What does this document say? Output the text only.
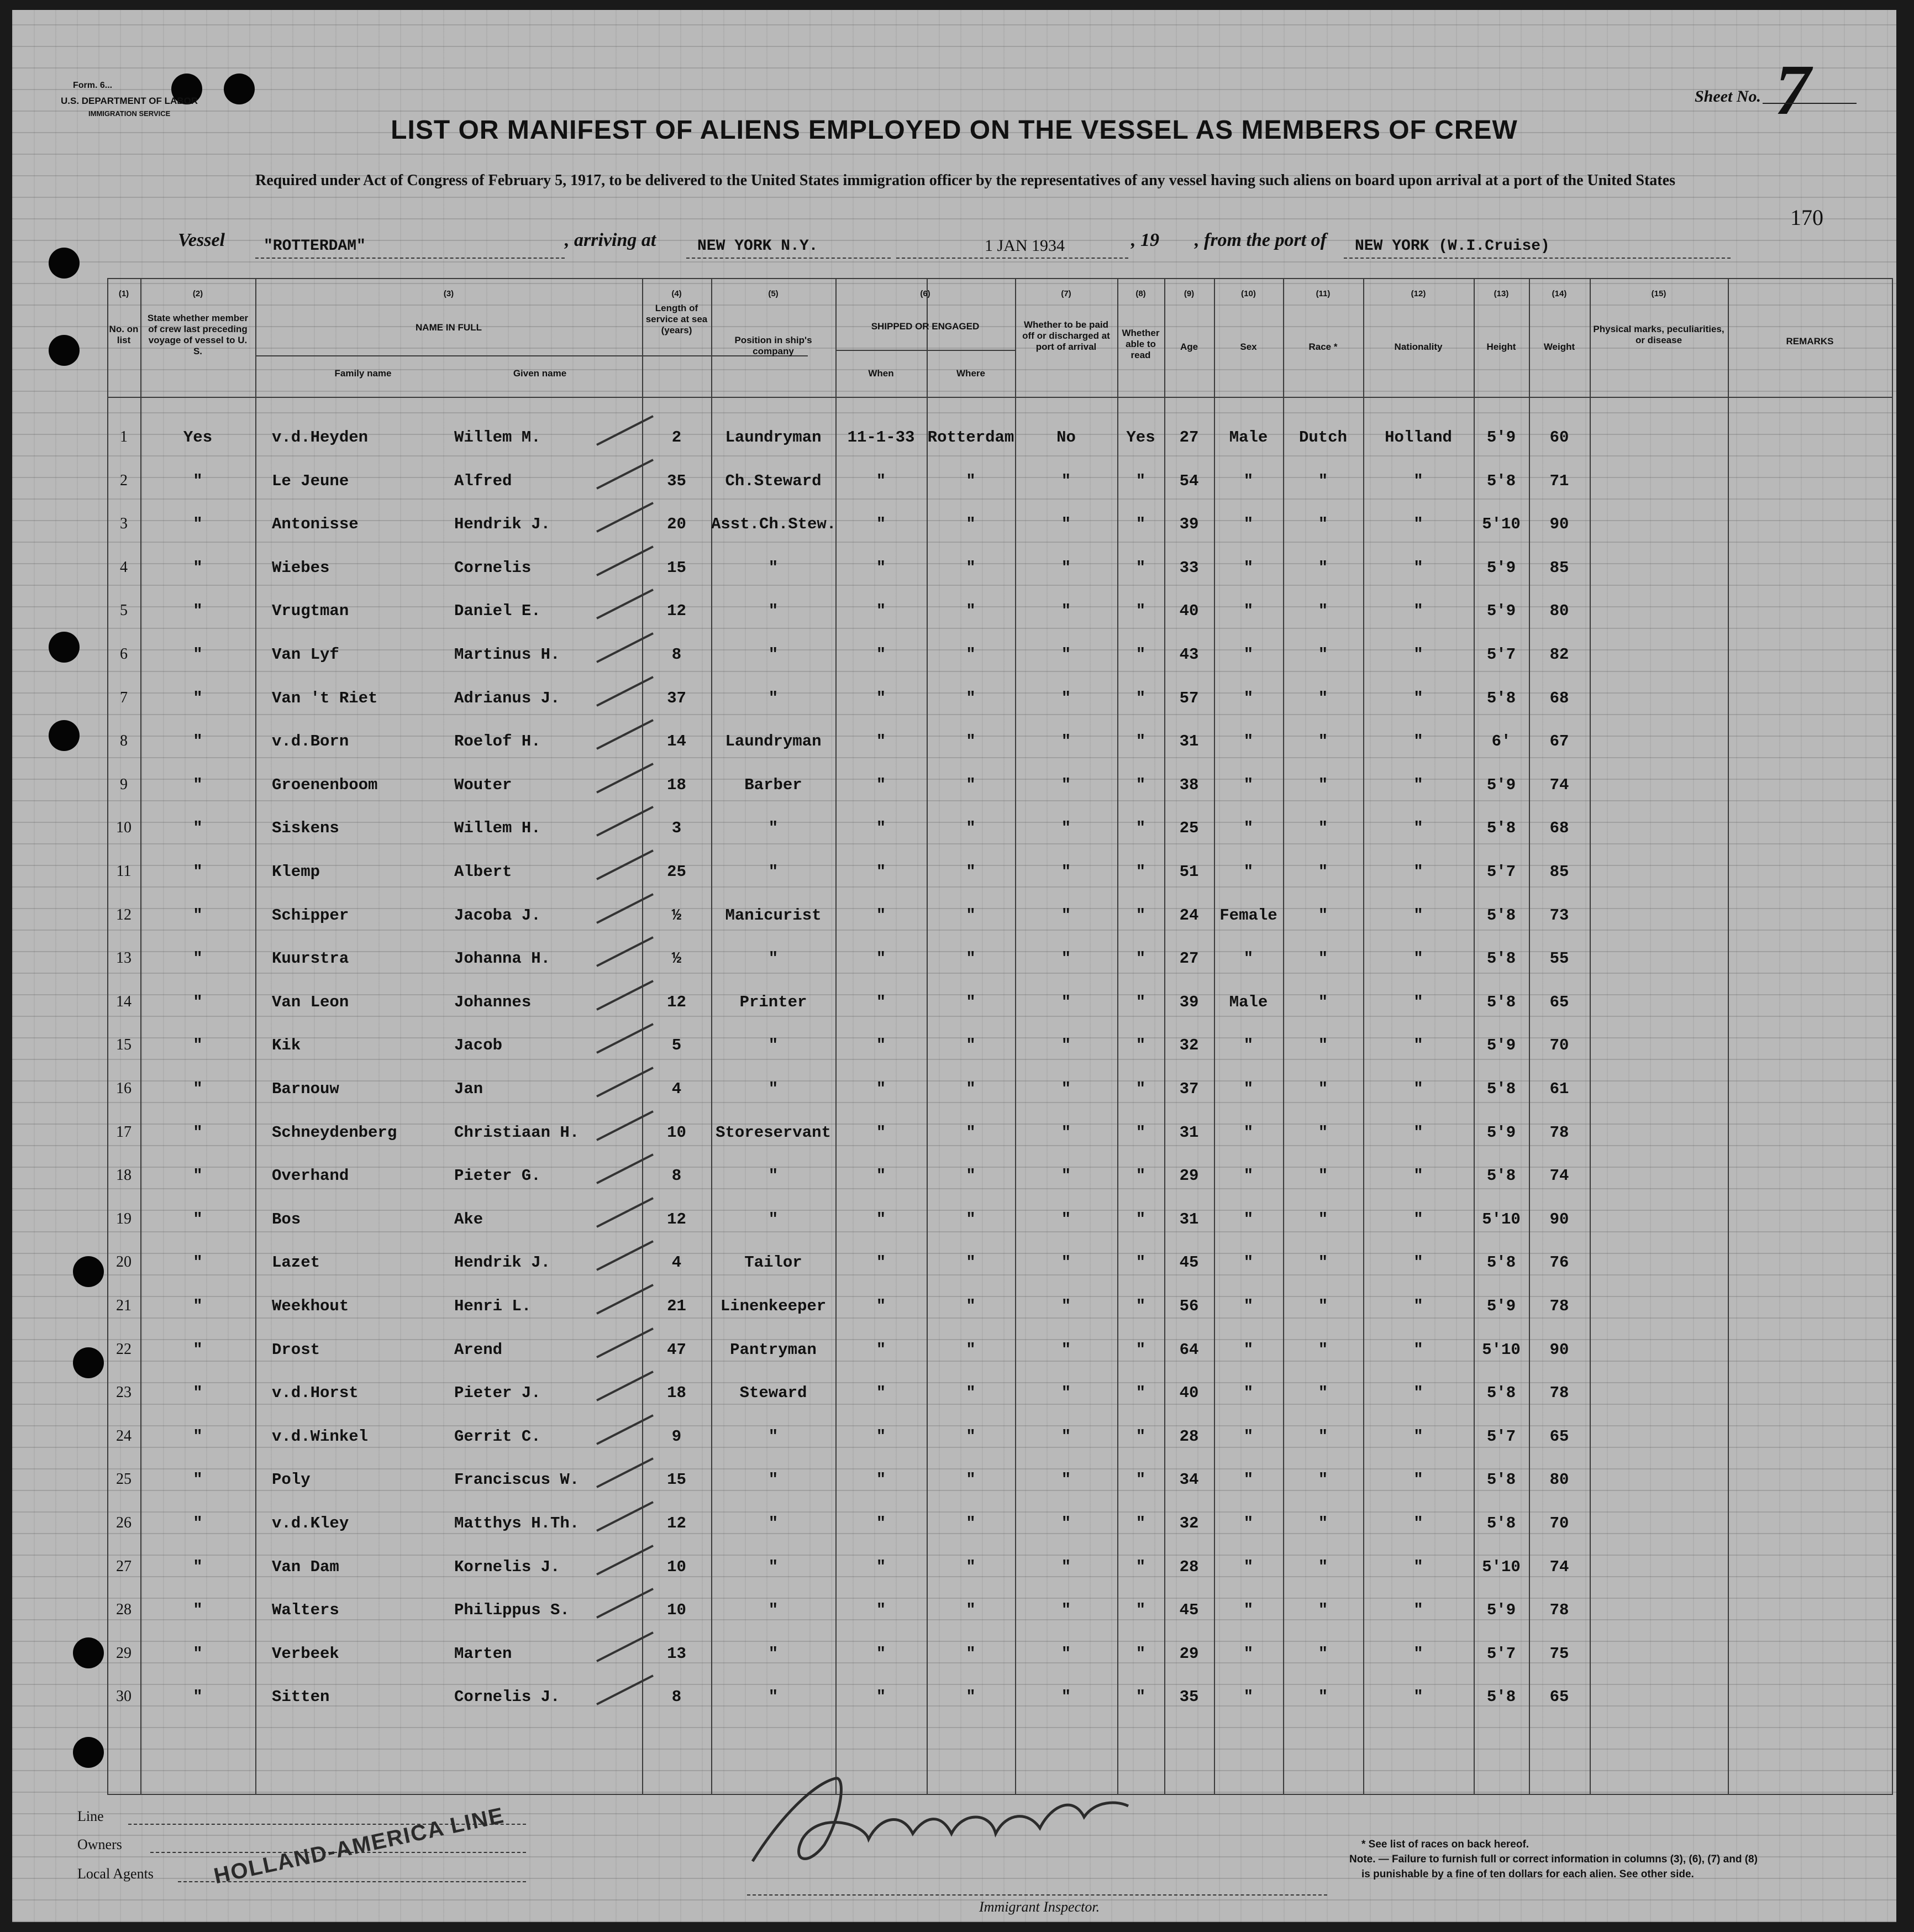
Form. 6...
U.S. DEPARTMENT OF LABOR
IMMIGRATION SERVICE
Sheet No. 7
LIST OR MANIFEST OF ALIENS EMPLOYED ON THE VESSEL AS MEMBERS OF CREW
Required under Act of Congress of February 5, 1917, to be delivered to the United States immigration officer by the representatives of any vessel having such aliens on board upon arrival at a port of the United States
170
Vessel	"ROTTERDAM"	, arriving at	NEW YORK N.Y.	1 JAN 1934	, 19 , from the port of NEW YORK (W.I.Cruise)
(1)
No. on list
(2)
State whether member of crew last preceding voyage of vessel to U. S.
(3)
NAME IN FULL
Family name	Given name
(4)
Length of service at sea (years)
(5)
Position in ship's company
(6)
SHIPPED OR ENGAGED
When	Where
(7)
Whether to be paid off or discharged at port of arrival
(8)
Whether able to read
(9)
Age
(10)
Sex
(11)
Race *
(12)
Nationality
(13)
Height
(14)
Weight
(15)
Physical marks, peculiarities, or disease	REMARKS
1	Yes	v.d.Heyden	Willem M.	2	Laundryman	11-1-33 Rotterdam	No	Yes	27	Male	Dutch	Holland	5'9	60
2	"	Le Jeune	Alfred	35	Ch.Steward	"	"	"	"	54	"	"	"	5'8	71
3	"	Antonisse	Hendrik J.	20	Asst.Ch.Stew.	"	"	"	"	39	"	"	"	5'10	90
4	"	Wiebes	Cornelis	15	"	"	"	"	"	33	"	"	"	5'9	85
5	"	Vrugtman	Daniel E.	12	"	"	"	"	"	40	"	"	"	5'9	80
6	"	Van Lyf	Martinus H.	8	"	"	"	"	"	43	"	"	"	5'7	82
7	"	Van 't Riet	Adrianus J.	37	"	"	"	"	"	57	"	"	"	5'8	68
8	"	v.d.Born	Roelof H.	14	Laundryman	"	"	"	"	31	"	"	"	6'	67
9	"	Groenenboom	Wouter	18	Barber	"	"	"	"	38	"	"	"	5'9	74
10	"	Siskens	Willem H.	3	"	"	"	"	"	25	"	"	"	5'8	68
11	"	Klemp	Albert	25	"	"	"	"	"	51	"	"	"	5'7	85
12	"	Schipper	Jacoba J.	½	Manicurist	"	"	"	"	24	Female	"	"	5'8	73
13	"	Kuurstra	Johanna H.	½	"	"	"	"	"	27	"	"	"	5'8	55
14	"	Van Leon	Johannes	12	Printer	"	"	"	"	39	Male	"	"	5'8	65
15	"	Kik	Jacob	5	"	"	"	"	"	32	"	"	"	5'9	70
16	"	Barnouw	Jan	4	"	"	"	"	"	37	"	"	"	5'8	61
17	"	Schneydenberg	Christiaan H.	10	Storeservant	"	"	"	"	31	"	"	"	5'9	78
18	"	Overhand	Pieter G.	8	"	"	"	"	"	29	"	"	"	5'8	74
19	"	Bos	Ake	12	"	"	"	"	"	31	"	"	"	5'10	90
20	"	Lazet	Hendrik J.	4	Tailor	"	"	"	"	45	"	"	"	5'8	76
21	"	Weekhout	Henri L.	21	Linenkeeper	"	"	"	"	56	"	"	"	5'9	78
22	"	Drost	Arend	47	Pantryman	"	"	"	"	64	"	"	"	5'10	90
23	"	v.d.Horst	Pieter J.	18	Steward	"	"	"	"	40	"	"	"	5'8	78
24	"	v.d.Winkel	Gerrit C.	9	"	"	"	"	"	28	"	"	"	5'7	65
25	"	Poly	Franciscus W.	15	"	"	"	"	"	34	"	"	"	5'8	80
26	"	v.d.Kley	Matthys H.Th.	12	"	"	"	"	"	32	"	"	"	5'8	70
27	"	Van Dam	Kornelis J.	10	"	"	"	"	"	28	"	"	"	5'10	74
28	"	Walters	Philippus S.	10	"	"	"	"	"	45	"	"	"	5'9	78
29	"	Verbeek	Marten	13	"	"	"	"	"	29	"	"	"	5'7	75
30	"	Sitten	Cornelis J.	8	"	"	"	"	"	35	"	"	"	5'8	65
Line
Owners
Local Agents	HOLLAND-AMERICA LINE
Immigrant Inspector.
* See list of races on back hereof.
Note. — Failure to furnish full or correct information in columns (3), (6), (7) and (8)
is punishable by a fine of ten dollars for each alien. See other side.
